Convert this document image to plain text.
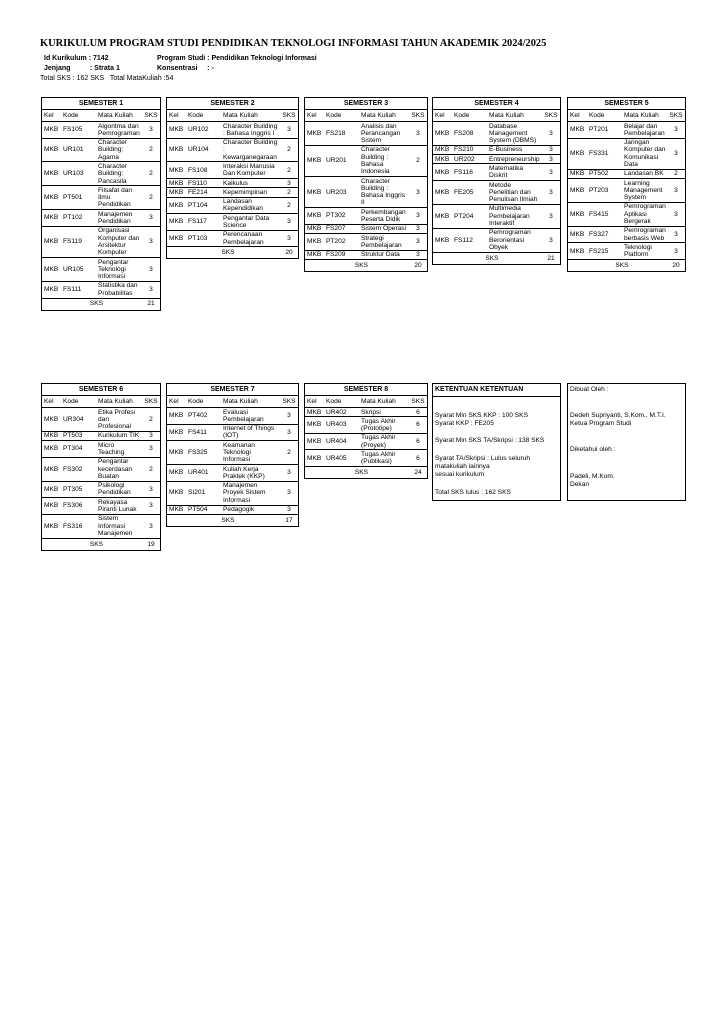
KURIKULUM PROGRAM STUDI PENDIDIKAN TEKNOLOGI INFORMASI TAHUN AKADEMIK 2024/2025
Id Kurikulum : 7142	Program Studi : Pendidikan Teknologi Informasi
Jenjang          : Strata 1	Konsentrasi     : -
Total SKS : 162 SKS   Total MataKuliah :54
SEMESTER 1
Kel	Kode	Mata Kuliah	SKS
MKB	FS105	Algoritma dan Pemrograman	3
MKB	UR101	Character Building: Agama	2
MKB	UR103	Character Building: Pancasila	2
MKB	PT501	Filsafat dan Ilmu Pendidikan	2
MKB	PT102	Manajemen Pendidikan	3
MKB	FS119	Organisasi Komputer dan Arsitektur Komputer	3
MKB	UR105	Pengantar Teknologi Informasi	3
MKB	FS111	Statistika dan Probabilitas	3
SKS			21
SEMESTER 2
Kel	Kode	Mata Kuliah	SKS
MKB	UR102	Character Building : Bahasa Inggris I	3
MKB	UR104	Character Building : Kewarganegaraan	2
MKB	FS108	Interaksi Manusia Dan Komputer	2
MKB	FS110	Kalkulus	3
MKB	FE214	Kepemimpinan	2
MKB	PT104	Landasan Kependidikan	2
MKB	FS117	Pengantar Data Science	3
MKB	PT103	Perencanaan Pembelajaran	3
SKS			20
SEMESTER 3
Kel	Kode	Mata Kuliah	SKS
MKB	FS218	Analisis dan Perancangan Sistem	3
MKB	UR201	Character Building : Bahasa Indonesia	2
MKB	UR203	Character Building : Bahasa Inggris II	3
MKB	PT302	Perkembangan Peserta Didik	3
MKB	FS207	Sistem Operasi	3
MKB	PT202	Strategi Pembelajaran	3
MKB	FS209	Struktur Data	3
SKS			20
SEMESTER 4
Kel	Kode	Mata Kuliah	SKS
MKB	FS208	Database Management System (DBMS)	3
MKB	FS210	E-Business	3
MKB	UR202	Entrepreneurship	3
MKB	FS116	Matematika Diskrit	3
MKB	FE205	Metode Penelitian dan Penulisan Ilmiah	3
MKB	PT204	Multimedia Pembelajaran Interaktif	3
MKB	FS112	Pemrograman Berorientasi Obyek	3
SKS			21
SEMESTER 5
Kel	Kode	Mata Kuliah	SKS
MKB	PT201	Belajar dan Pembelajaran	3
MKB	FS331	Jaringan Komputer dan Komunikasi Data	3
MKB	PT502	Landasan BK	2
MKB	PT203	Learning Management System	3
MKB	FS415	Pemrograman Aplikasi Bergerak	3
MKB	FS327	Pemrograman berbasis Web	3
MKB	FS215	Teknologi Platform	3
SKS			20
SEMESTER 6
Kel	Kode	Mata Kuliah	SKS
MKB	UR304	Etika Profesi dan Profesional	2
MKB	PT503	Kurikulum TIK	3
MKB	PT304	Micro Teaching	3
MKB	FS302	Pengantar kecerdasan Buatan	2
MKB	PT305	Psikologi Pendidikan	3
MKB	FS306	Rekayasa Piranti Lunak	3
MKB	FS316	Sistem Informasi Manajemen	3
SKS			19
SEMESTER 7
Kel	Kode	Mata Kuliah	SKS
MKB	PT402	Evaluasi Pembelajaran	3
MKB	FS411	Internet of Things (IOT)	3
MKB	FS325	Keamanan Teknologi Informasi	2
MKB	UR401	Kuliah Kerja Praktek (KKP)	3
MKB	SI201	Manajemen Proyek Sistem Informasi	3
MKB	PT504	Pedagogik	3
SKS			17
SEMESTER 8
Kel	Kode	Mata Kuliah	SKS
MKB	UR402	Skripsi	6
MKB	UR403	Tugas Akhir (Prototipe)	6
MKB	UR404	Tugas Akhir (Proyek)	6
MKB	UR405	Tugas Akhir (Publikasi)	6
SKS			24
KETENTUAN KETENTUAN
Syarat Min SKS KKP : 100 SKS
Syarat KKP : FE205
Syarat Min SKS TA/Skripsi : 138 SKS
Syarat TA/Skripsi : Lulus seluruh
matakuliah lainnya
sesuai kurikulum
Total SKS lulus : 162 SKS
Dibuat Oleh :
Dedeh Supriyanti, S.Kom., M.T.I.
Ketua Program Studi
Diketahui oleh :
Padeli, M.Kom.
Dekan
